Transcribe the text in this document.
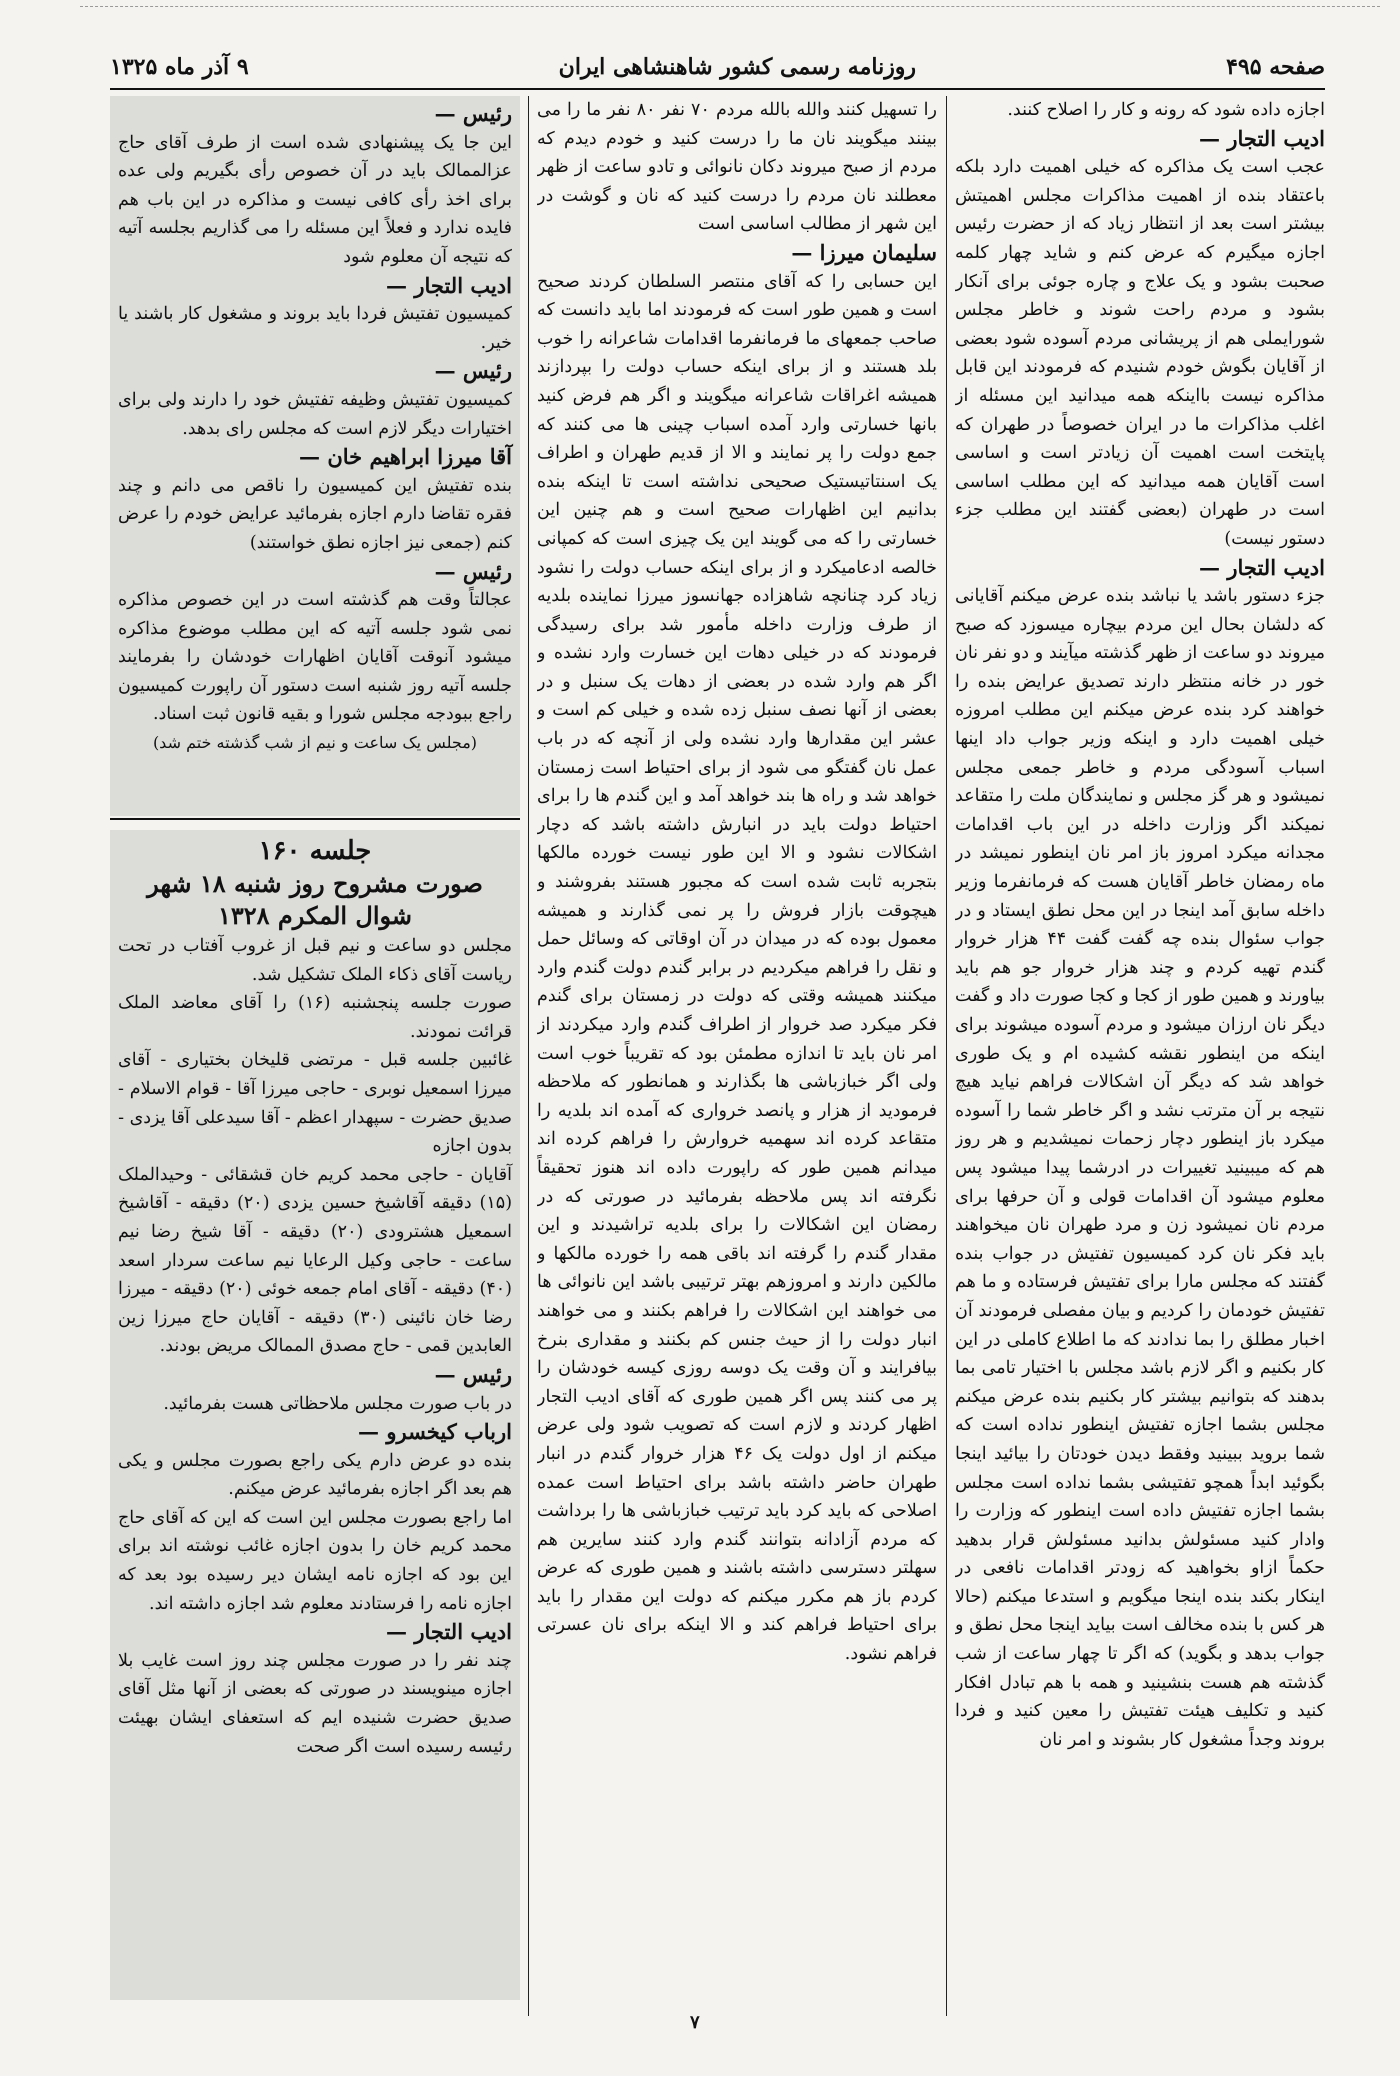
صفحه ۴۹۵
روزنامه رسمی کشور شاهنشاهی ایران
۹ آذر ماه ۱۳۲۵

اجازه داده شود که رونه و کار را اصلاح کنند.

ادیب التجار —

عجب است یک مذاکره که خیلی اهمیت دارد بلکه باعتقاد بنده از اهمیت مذاکرات مجلس اهمیتش بیشتر است بعد از انتظار زیاد که از حضرت رئیس اجازه میگیرم که عرض کنم و شاید چهار کلمه صحبت بشود و یک علاج و چاره جوئی برای آنکار بشود و مردم راحت شوند و خاطر مجلس شورایملی هم از پریشانی مردم آسوده شود بعضی از آقایان بگوش خودم شنیدم که فرمودند این قابل مذاکره نیست بااینکه همه میدانید این مسئله از اغلب مذاکرات ما در ایران خصوصاً در طهران که پایتخت است اهمیت آن زیادتر است و اساسی است آقایان همه میدانید که این مطلب اساسی است در طهران (بعضی گفتند این مطلب جزء دستور نیست)

ادیب التجار —

جزء دستور باشد یا نباشد بنده عرض میکنم آقایانی که دلشان بحال این مردم بیچاره میسوزد که صبح میروند دو ساعت از ظهر گذشته میآیند و دو نفر نان خور در خانه منتظر دارند تصدیق عرایض بنده را خواهند کرد بنده عرض میکنم این مطلب امروزه خیلی اهمیت دارد و اینکه وزیر جواب داد اینها اسباب آسودگی مردم و خاطر جمعی مجلس نمیشود و هر گز مجلس و نمایندگان ملت را متقاعد نمیکند اگر وزارت داخله در این باب اقدامات مجدانه میکرد امروز باز امر نان اینطور نمیشد در ماه رمضان خاطر آقایان هست که فرمانفرما وزیر داخله سابق آمد اینجا در این محل نطق ایستاد و در جواب سئوال بنده چه گفت گفت ۴۴ هزار خروار گندم تهیه کردم و چند هزار خروار جو هم باید بیاورند و همین طور از کجا و کجا صورت داد و گفت دیگر نان ارزان میشود و مردم آسوده میشوند برای اینکه من اینطور نقشه کشیده ام و یک طوری خواهد شد که دیگر آن اشکالات فراهم نیاید هیچ نتیجه بر آن مترتب نشد و اگر خاطر شما را آسوده میکرد باز اینطور دچار زحمات نمیشدیم و هر روز هم که میبینید تغییرات در ادرشما پیدا میشود پس معلوم میشود آن اقدامات قولی و آن حرفها برای مردم نان نمیشود زن و مرد طهران نان میخواهند باید فکر نان کرد کمیسیون تفتیش در جواب بنده گفتند که مجلس مارا برای تفتیش فرستاده و ما هم تفتیش خودمان را کردیم و بیان مفصلی فرمودند آن اخبار مطلق را بما ندادند که ما اطلاع کاملی در این کار بکنیم و اگر لازم باشد مجلس با اختیار تامی بما بدهند که بتوانیم بیشتر کار بکنیم بنده عرض میکنم مجلس بشما اجازه تفتیش اینطور نداده است که شما بروید ببینید وفقط دیدن خودتان را بیائید اینجا بگوئید ابداً همچو تفتیشی بشما نداده است مجلس بشما اجازه تفتیش داده است اینطور که وزارت را وادار کنید مسئولش بدانید مسئولش قرار بدهید حکماً ازاو بخواهید که زودتر اقدامات نافعی در اینکار بکند بنده اینجا میگویم و استدعا میکنم (حالا هر کس با بنده مخالف است بیاید اینجا محل نطق و جواب بدهد و بگوید) که اگر تا چهار ساعت از شب گذشته هم هست بنشینید و همه با هم تبادل افکار کنید و تکلیف هیئت تفتیش را معین کنید و فردا بروند وجداً مشغول کار بشوند و امر نان

را تسهیل کنند والله بالله مردم ۷۰ نفر ۸۰ نفر ما را می بینند میگویند نان ما را درست کنید و خودم دیدم که مردم از صبح میروند دکان نانوائی و تادو ساعت از ظهر معطلند نان مردم را درست کنید که نان و گوشت در این شهر از مطالب اساسی است

سلیمان میرزا —

این حسابی را که آقای منتصر السلطان کردند صحیح است و همین طور است که فرمودند اما باید دانست که صاحب جمعهای ما فرمانفرما اقدامات شاعرانه را خوب بلد هستند و از برای اینکه حساب دولت را بپردازند همیشه اغراقات شاعرانه میگویند و اگر هم فرض کنید بانها خسارتی وارد آمده اسباب چینی ها می کنند که جمع دولت را پر نمایند و الا از قدیم طهران و اطراف یک اسنتاتیستیک صحیحی نداشته است تا اینکه بنده بدانیم این اظهارات صحیح است و هم چنین این خسارتی را که می گویند این یک چیزی است که کمپانی خالصه ادعامیکرد و از برای اینکه حساب دولت را نشود زیاد کرد چنانچه شاهزاده جهانسوز میرزا نماینده بلدیه از طرف وزارت داخله مأمور شد برای رسیدگی فرمودند که در خیلی دهات این خسارت وارد نشده و اگر هم وارد شده در بعضی از دهات یک سنبل و در بعضی از آنها نصف سنبل زده شده و خیلی کم است و عشر این مقدارها وارد نشده ولی از آنچه که در باب عمل نان گفتگو می شود از برای احتیاط است زمستان خواهد شد و راه ها بند خواهد آمد و این گندم ها را برای احتیاط دولت باید در انبارش داشته باشد که دچار اشکالات نشود و الا این طور نیست خورده مالکها بتجربه ثابت شده است که مجبور هستند بفروشند و هیچوقت بازار فروش را پر نمی گذارند و همیشه معمول بوده که در میدان در آن اوقاتی که وسائل حمل و نقل را فراهم میکردیم در برابر گندم دولت گندم وارد میکنند همیشه وقتی که دولت در زمستان برای گندم فکر میکرد صد خروار از اطراف گندم وارد میکردند از امر نان باید تا اندازه مطمئن بود که تقریباً خوب است ولی اگر خبازباشی ها بگذارند و همانطور که ملاحظه فرمودید از هزار و پانصد خرواری که آمده اند بلدیه را متقاعد کرده اند سهمیه خروارش را فراهم کرده اند میدانم همین طور که راپورت داده اند هنوز تحقیقاً نگرفته اند پس ملاحظه بفرمائید در صورتی که در رمضان این اشکالات را برای بلدیه تراشیدند و این مقدار گندم را گرفته اند باقی همه را خورده مالکها و مالکین دارند و امروزهم بهتر ترتیبی باشد این نانوائی ها می خواهند این اشکالات را فراهم بکنند و می خواهند انبار دولت را از حیث جنس کم بکنند و مقداری بنرخ بیافرایند و آن وقت یک دوسه روزی کیسه خودشان را پر می کنند پس اگر همین طوری که آقای ادیب التجار اظهار کردند و لازم است که تصویب شود ولی عرض میکنم از اول دولت یک ۴۶ هزار خروار گندم در انبار طهران حاضر داشته باشد برای احتیاط است عمده اصلاحی که باید کرد باید ترتیب خبازباشی ها را برداشت که مردم آزادانه بتوانند گندم وارد کنند سایرین هم سهلتر دسترسی داشته باشند و همین طوری که عرض کردم باز هم مکرر میکنم که دولت این مقدار را باید برای احتیاط فراهم کند و الا اینکه برای نان عسرتی فراهم نشود.

رئیس —

این جا یک پیشنهادی شده است از طرف آقای حاج عزالممالک باید در آن خصوص رأی بگیریم ولی عده برای اخذ رأی کافی نیست و مذاکره در این باب هم فایده ندارد و فعلاً این مسئله را می گذاریم بجلسه آتیه که نتیجه آن معلوم شود

ادیب التجار —

کمیسیون تفتیش فردا باید بروند و مشغول کار باشند یا خیر.

رئیس —

کمیسیون تفتیش وظیفه تفتیش خود را دارند ولی برای اختیارات دیگر لازم است که مجلس رای بدهد.

آقا میرزا ابراهیم خان —

بنده تفتیش این کمیسیون را ناقص می دانم و چند فقره تقاضا دارم اجازه بفرمائید عرایض خودم را عرض کنم (جمعی نیز اجازه نطق خواستند)

رئیس —

عجالتاً وقت هم گذشته است در این خصوص مذاکره نمی شود جلسه آتیه که این مطلب موضوع مذاکره میشود آنوقت آقایان اظهارات خودشان را بفرمایند جلسه آتیه روز شنبه است دستور آن راپورت کمیسیون راجع ببودجه مجلس شورا و بقیه قانون ثبت اسناد.

(مجلس یک ساعت و نیم از شب گذشته ختم شد)

جلسه ۱۶۰

صورت مشروح روز شنبه ۱۸ شهر شوال المکرم ۱۳۲۸

مجلس دو ساعت و نیم قبل از غروب آفتاب در تحت ریاست آقای ذکاء الملک تشکیل شد.

صورت جلسه پنجشنبه (۱۶) را آقای معاضد الملک قرائت نمودند.

غائبین جلسه قبل - مرتضی قلیخان بختیاری - آقای میرزا اسمعیل نوبری - حاجی میرزا آقا - قوام الاسلام - صدیق حضرت - سپهدار اعظم - آقا سیدعلی آقا یزدی -

بدون اجازه

آقایان - حاجی محمد کریم خان قشقائی - وحیدالملک (۱۵) دقیقه آقاشیخ حسین یزدی (۲۰) دقیقه - آقاشیخ اسمعیل هشترودی (۲۰) دقیقه - آقا شیخ رضا نیم ساعت - حاجی وکیل الرعایا نیم ساعت سردار اسعد (۴۰) دقیقه - آقای امام جمعه خوئی (۲۰) دقیقه - میرزا رضا خان نائینی (۳۰) دقیقه - آقایان حاج میرزا زین العابدین قمی - حاج مصدق الممالک مریض بودند.

رئیس —

در باب صورت مجلس ملاحظاتی هست بفرمائید.

ارباب کیخسرو —

بنده دو عرض دارم یکی راجع بصورت مجلس و یکی هم بعد اگر اجازه بفرمائید عرض میکنم.

اما راجع بصورت مجلس این است که این که آقای حاج محمد کریم خان را بدون اجازه غائب نوشته اند برای این بود که اجازه نامه ایشان دیر رسیده بود بعد که اجازه نامه را فرستادند معلوم شد اجازه داشته اند.

ادیب التجار —

چند نفر را در صورت مجلس چند روز است غایب بلا اجازه مینویسند در صورتی که بعضی از آنها مثل آقای صدیق حضرت شنیده ایم که استعفای ایشان بهیئت رئیسه رسیده است اگر صحت

۷
